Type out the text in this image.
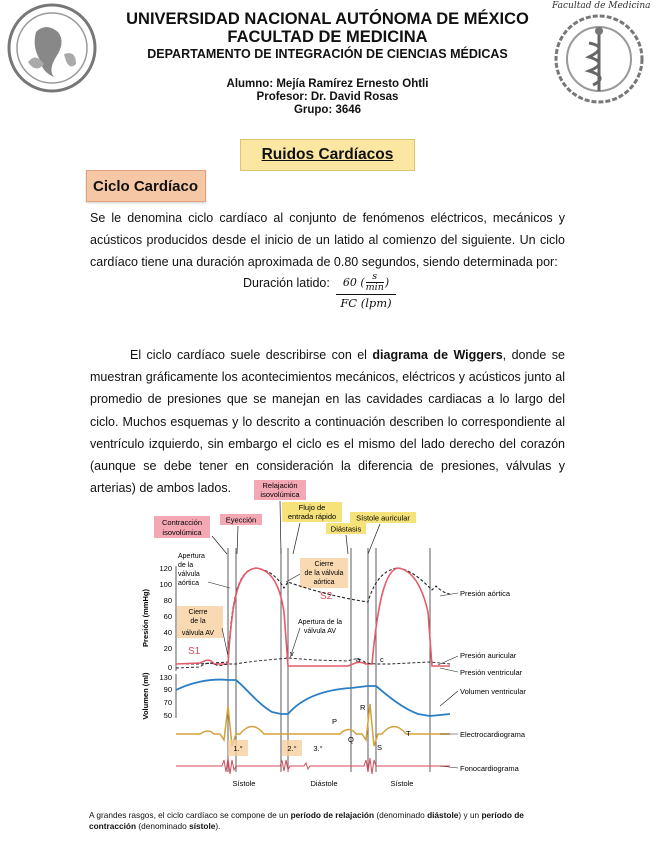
Facultad de Medicina
UNIVERSIDAD NACIONAL AUTÓNOMA DE MÉXICO
FACULTAD DE MEDICINA
DEPARTAMENTO DE INTEGRACIÓN DE CIENCIAS MÉDICAS
Alumno: Mejía Ramírez Ernesto Ohtli
Profesor: Dr. David Rosas
Grupo: 3646
Ruidos Cardíacos
Ciclo Cardíaco

Se le denomina ciclo cardíaco al conjunto de fenómenos eléctricos, mecánicos y acústicos producidos desde el inicio de un latido al comienzo del siguiente. Un ciclo cardíaco tiene una duración aproximada de 0.80 segundos, siendo determinada por:

Duración latido: 60 ( s
min )
FC (lpm)

El ciclo cardíaco suele describirse con el diagrama de Wiggers, donde se muestran gráficamente los acontecimientos mecánicos, eléctricos y acústicos junto al promedio de presiones que se manejan en las cavidades cardiacas a lo largo del ciclo. Muchos esquemas y lo descrito a continuación describen lo correspondiente al ventrículo izquierdo, sin embargo el ciclo es el mismo del lado derecho del corazón (aunque se debe tener en consideración la diferencia de presiones, válvulas y arterias) de ambos lados.

Contracción
isovolúmica
Eyección
Relajación
isovolúmica
Flujo de
entrada rápido
Diástasis
Sístole auricular
Presión (mmHg)
Volumen (ml)
120
100
80
60
40
20
0
130
90
70
50
Apertura
de la
válvula
aórtica
Cierre
de la
válvula AV
S1
Cierre
de la válvula
aórtica
S2
Apertura de la
válvula AV
1.°	2.° 3.°
a	c
v
P
Q
R
S
T
Sístole	Diástole	Sístole
Presión aórtica
Presión auricular
Presión ventricular
Volumen ventricular
Electrocardiograma
Fonocardiograma
A grandes rasgos, el ciclo cardíaco se compone de un período de relajación (denominado diástole) y un período de contracción (denominado sístole).
